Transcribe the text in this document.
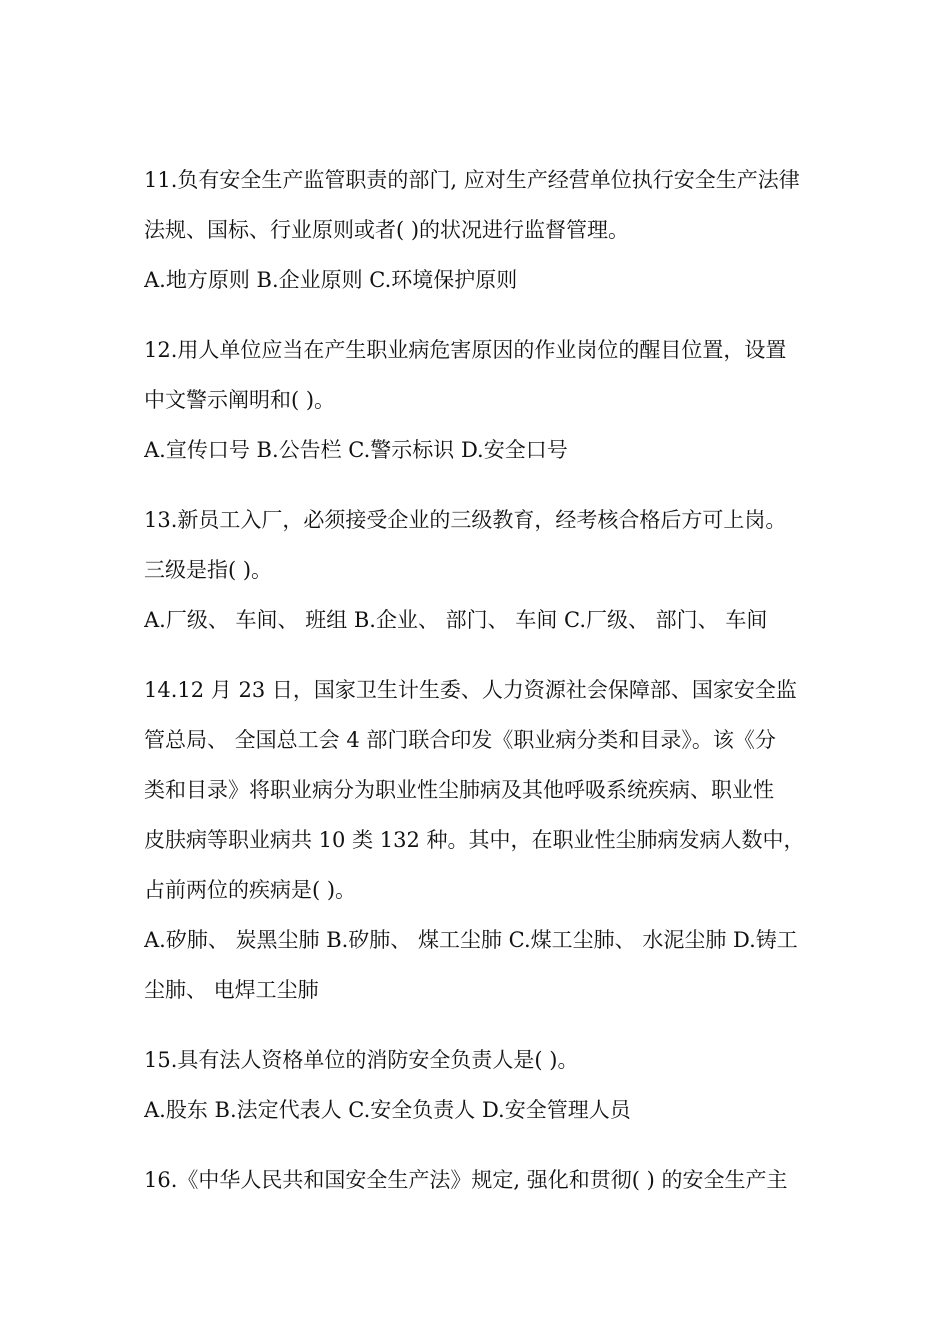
11.负有安全生产监管职责的部门, 应对生产经营单位执行安全生产法律
法规、国标、行业原则或者( )的状况进行监督管理。
A.地方原则 B.企业原则 C.环境保护原则
12.用人单位应当在产生职业病危害原因的作业岗位的醒目位置，设置
中文警示阐明和( )。
A.宣传口号 B.公告栏 C.警示标识 D.安全口号
13.新员工入厂，必须接受企业的三级教育，经考核合格后方可上岗。
三级是指( )。
A.厂级、 车间、 班组 B.企业、 部门、 车间 C.厂级、 部门、 车间
14.12 月 23 日，国家卫生计生委、人力资源社会保障部、国家安全监
管总局、 全国总工会 4 部门联合印发《职业病分类和目录》。该《分
类和目录》将职业病分为职业性尘肺病及其他呼吸系统疾病、职业性
皮肤病等职业病共 10 类 132 种。其中，在职业性尘肺病发病人数中，
占前两位的疾病是( )。
A.矽肺、 炭黑尘肺 B.矽肺、 煤工尘肺 C.煤工尘肺、 水泥尘肺 D.铸工
尘肺、 电焊工尘肺
15.具有法人资格单位的消防安全负责人是( )。
A.股东 B.法定代表人 C.安全负责人 D.安全管理人员
16.《中华人民共和国安全生产法》规定, 强化和贯彻( ) 的安全生产主
